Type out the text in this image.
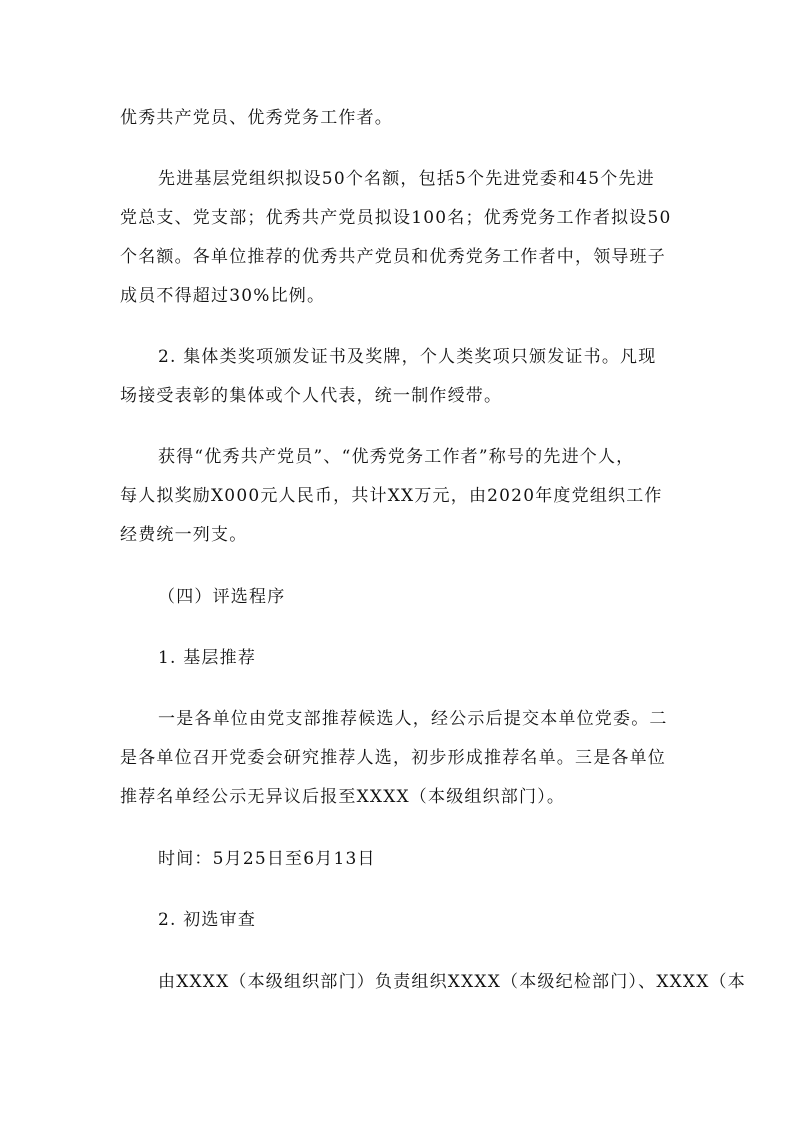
优秀共产党员、优秀党务工作者。
先进基层党组织拟设50个名额，包括5个先进党委和45个先进
党总支、党支部；优秀共产党员拟设100名；优秀党务工作者拟设50
个名额。各单位推荐的优秀共产党员和优秀党务工作者中，领导班子
成员不得超过30%比例。
2. 集体类奖项颁发证书及奖牌，个人类奖项只颁发证书。凡现
场接受表彰的集体或个人代表，统一制作绶带。
获得“优秀共产党员”、“优秀党务工作者”称号的先进个人，
每人拟奖励X000元人民币，共计XX万元，由2020年度党组织工作
经费统一列支。
（四）评选程序
1. 基层推荐
一是各单位由党支部推荐候选人，经公示后提交本单位党委。二
是各单位召开党委会研究推荐人选，初步形成推荐名单。三是各单位
推荐名单经公示无异议后报至XXXX（本级组织部门）。
时间：5月25日至6月13日
2. 初选审查
由XXXX（本级组织部门）负责组织XXXX（本级纪检部门）、XXXX（本
